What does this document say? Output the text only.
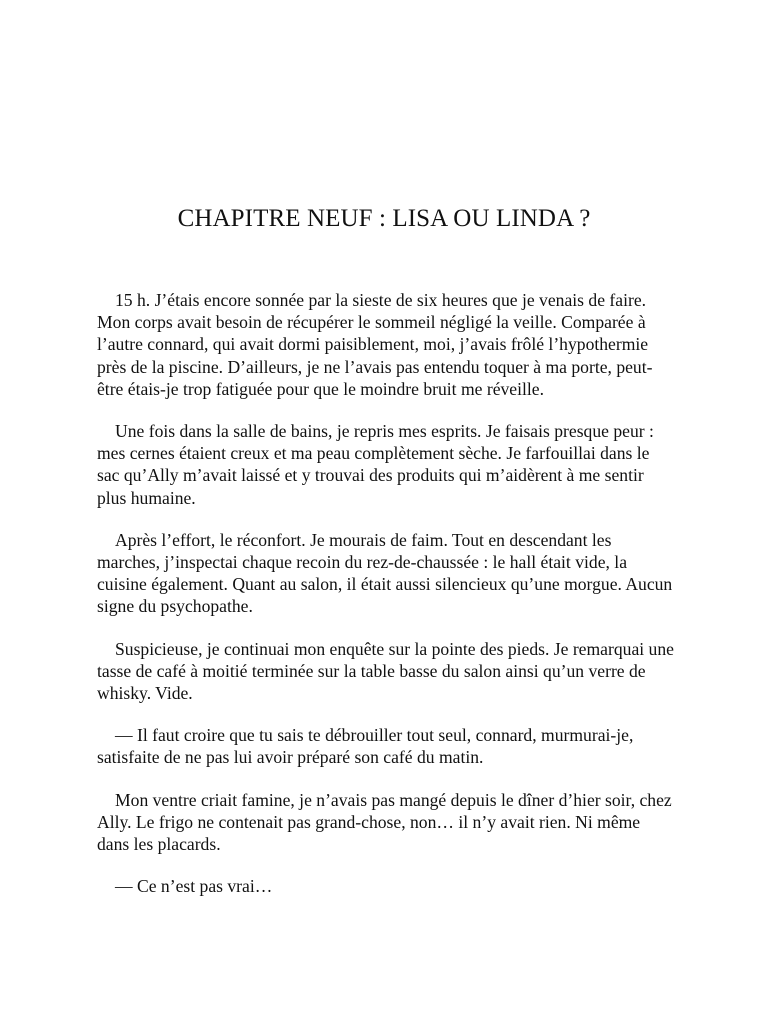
CHAPITRE NEUF : LISA OU LINDA ?

15 h. J’étais encore sonnée par la sieste de six heures que je venais de faire. Mon corps avait besoin de récupérer le sommeil négligé la veille. Comparée à l’autre connard, qui avait dormi paisiblement, moi, j’avais frôlé l’hypothermie près de la piscine. D’ailleurs, je ne l’avais pas entendu toquer à ma porte, peut-être étais-je trop fatiguée pour que le moindre bruit me réveille.

Une fois dans la salle de bains, je repris mes esprits. Je faisais presque peur : mes cernes étaient creux et ma peau complètement sèche. Je farfouillai dans le sac qu’Ally m’avait laissé et y trouvai des produits qui m’aidèrent à me sentir plus humaine.

Après l’effort, le réconfort. Je mourais de faim. Tout en descendant les marches, j’inspectai chaque recoin du rez-de-chaussée : le hall était vide, la cuisine également. Quant au salon, il était aussi silencieux qu’une morgue. Aucun signe du psychopathe.

Suspicieuse, je continuai mon enquête sur la pointe des pieds. Je remarquai une tasse de café à moitié terminée sur la table basse du salon ainsi qu’un verre de whisky. Vide.

— Il faut croire que tu sais te débrouiller tout seul, connard, murmurai-je, satisfaite de ne pas lui avoir préparé son café du matin.

Mon ventre criait famine, je n’avais pas mangé depuis le dîner d’hier soir, chez Ally. Le frigo ne contenait pas grand-chose, non… il n’y avait rien. Ni même dans les placards.

— Ce n’est pas vrai…
